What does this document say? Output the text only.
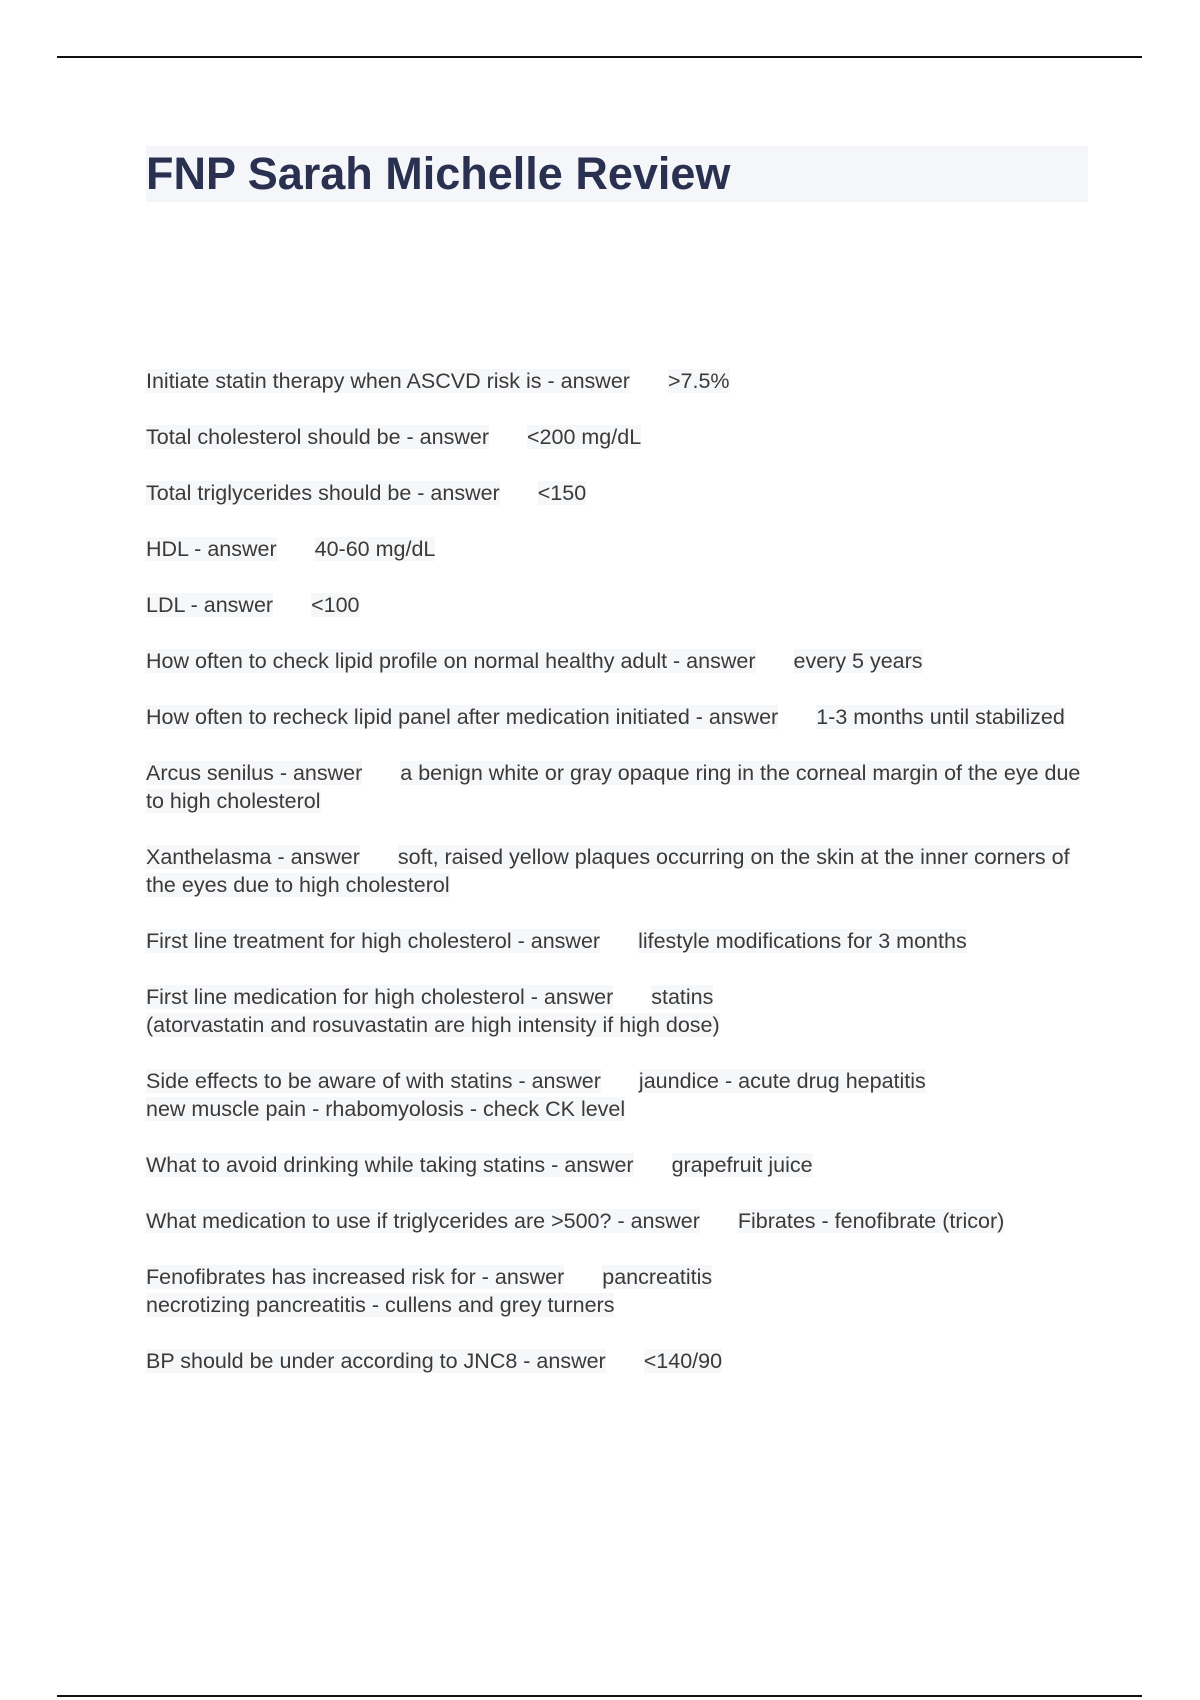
FNP Sarah Michelle Review
Initiate statin therapy when ASCVD risk is - answer >7.5%
Total cholesterol should be - answer <200 mg/dL
Total triglycerides should be - answer <150
HDL - answer 40-60 mg/dL
LDL - answer <100
How often to check lipid profile on normal healthy adult - answer every 5 years
How often to recheck lipid panel after medication initiated - answer 1-3 months until stabilized
Arcus senilus - answer a benign white or gray opaque ring in the corneal margin of the eye due to high cholesterol
Xanthelasma - answer soft, raised yellow plaques occurring on the skin at the inner corners of the eyes due to high cholesterol
First line treatment for high cholesterol - answer lifestyle modifications for 3 months
First line medication for high cholesterol - answer statins
(atorvastatin and rosuvastatin are high intensity if high dose)
Side effects to be aware of with statins - answer jaundice - acute drug hepatitis
new muscle pain - rhabomyolosis - check CK level
What to avoid drinking while taking statins - answer grapefruit juice
What medication to use if triglycerides are >500? - answer Fibrates - fenofibrate (tricor)
Fenofibrates has increased risk for - answer pancreatitis
necrotizing pancreatitis - cullens and grey turners
BP should be under according to JNC8 - answer <140/90
